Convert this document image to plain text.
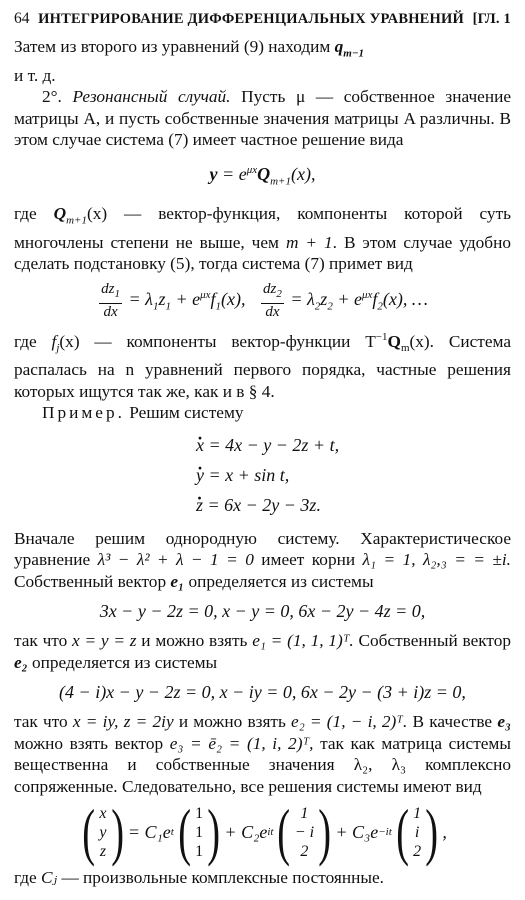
64 ИНТЕГРИРОВАНИЕ ДИФФЕРЕНЦИАЛЬНЫХ УРАВНЕНИЙ [ГЛ. 1

Затем из второго из уравнений (9) находим $q_{m-1}$
и т. д.

2°. Резонансный случай. Пусть μ — собственное значение матрицы A, и пусть собственные значения матрицы A различны. В этом случае система (7) имеет частное решение вида

$y = e^{\mu x}Q_{m+1}(x)$,

где $Q_{m+1}(x)$ — вектор-функция, компоненты которой суть многочлены степени не выше, чем m + 1. В этом случае удобно сделать подстановку (5), тогда система (7) примет вид

$\frac{dz_1}{dx} = \lambda_1z_1 + e^{\mu x}f_1(x)$, $\frac{dz_2}{dx} = \lambda_2z_2 + e^{\mu x}f_2(x)$, …

где $f_j(x)$ — компоненты вектор-функции $T^{-1}Q_m(x)$. Система распалась на n уравнений первого порядка, частные решения которых ищутся так же, как и в § 4.

Пример. Решим систему

· x = 4x − y − 2z + t,
· y = x + sin t,
· z = 6x − 2y − 3z.

Вначале решим однородную систему. Характеристическое уравнение λ³ − λ² + λ − 1 = 0 имеет корни λ₁ = 1, λ₂,₃ = = ±i. Собственный вектор e₁ определяется из системы

3x − y − 2z = 0, x − y = 0, 6x − 2y − 4z = 0,

так что x = y = z и можно взять e₁ = (1, 1, 1)ᵀ. Собственный вектор e₂ определяется из системы

(4 − i)x − y − 2z = 0, x − iy = 0, 6x − 2y − (3 + i)z = 0,

так что x = iy, z = 2iy и можно взять e₂ = (1, − i, 2)ᵀ. В качестве e₃ можно взять вектор e₃ = ē₂ = (1, i, 2)ᵀ, так как матрица системы вещественна и собственные значения λ₂, λ₃ комплексно сопряженные. Следовательно, все решения системы имеют вид

( x
y
z ) = C₁e t ( 1
1
1 ) + C₂e it ( 1
− i
2 ) + C₃e −it ( 1
i
2 ) ,

где Cⱼ — произвольные комплексные постоянные.
